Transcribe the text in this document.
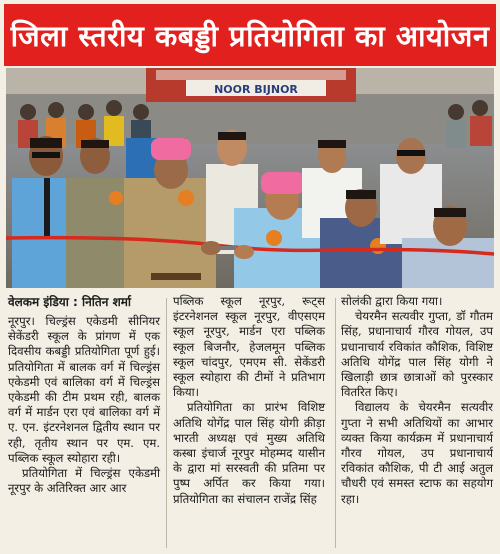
जिला स्तरीय कबड्डी प्रतियोगिता का आयोजन
NOOR BIJNOR

वेलकम इंडिया : नितिन शर्मा

नूरपुर। चिल्ड्रंस एकेडमी सीनियर सेकेंडरी स्कूल के प्रांगण में एक दिवसीय कबड्डी प्रतियोगिता पूर्ण हुई। प्रतियोगिता में बालक वर्ग में चिल्ड्रंस एकेडमी एवं बालिका वर्ग में चिल्ड्रंस एकेडमी की टीम प्रथम रही, बालक वर्ग में मार्डन एरा एवं बालिका वर्ग में ए. एन. इंटरनेशनल द्वितीय स्थान पर रही, तृतीय स्थान पर एम. एम. पब्लिक स्कूल स्योहारा रही।

प्रतियोगिता में चिल्ड्रंस एकेडमी नूरपुर के अतिरिक्त आर आर

पब्लिक स्कूल नूरपुर, रूट्स इंटरनेशनल स्कूल नूरपुर, वीएसएम स्कूल नूरपुर, मार्डन एरा पब्लिक स्कूल बिजनौर, हेजलमून पब्लिक स्कूल चांदपुर, एमएम सी. सेकेंडरी स्कूल स्योहारा की टीमों ने प्रतिभाग किया।

प्रतियोगिता का प्रारंभ विशिष्ट अतिथि योगेंद्र पाल सिंह योगी क्रीड़ा भारती अध्यक्ष एवं मुख्य अतिथि कस्बा इंचार्ज नूरपुर मोहम्मद यासीन के द्वारा मां सरस्वती की प्रतिमा पर पुष्प अर्पित कर किया गया। प्रतियोगिता का संचालन राजेंद्र सिंह

सोलंकी द्वारा किया गया।

चेयरमैन सत्यवीर गुप्ता, डॉ गौतम सिंह, प्रधानाचार्य गौरव गोयल, उप प्रधानाचार्य रविकांत कौशिक, विशिष्ट अतिथि योगेंद्र पाल सिंह योगी ने खिलाड़ी छात्र छात्राओं को पुरस्कार वितरित किए।

विद्यालय के चेयरमैन सत्यवीर गुप्ता ने सभी अतिथियों का आभार व्यक्त किया कार्यक्रम में प्रधानाचार्य गौरव गोयल, उप प्रधानाचार्य रविकांत कौशिक, पी टी आई अतुल चौधरी एवं समस्त स्टाफ का सहयोग रहा।
